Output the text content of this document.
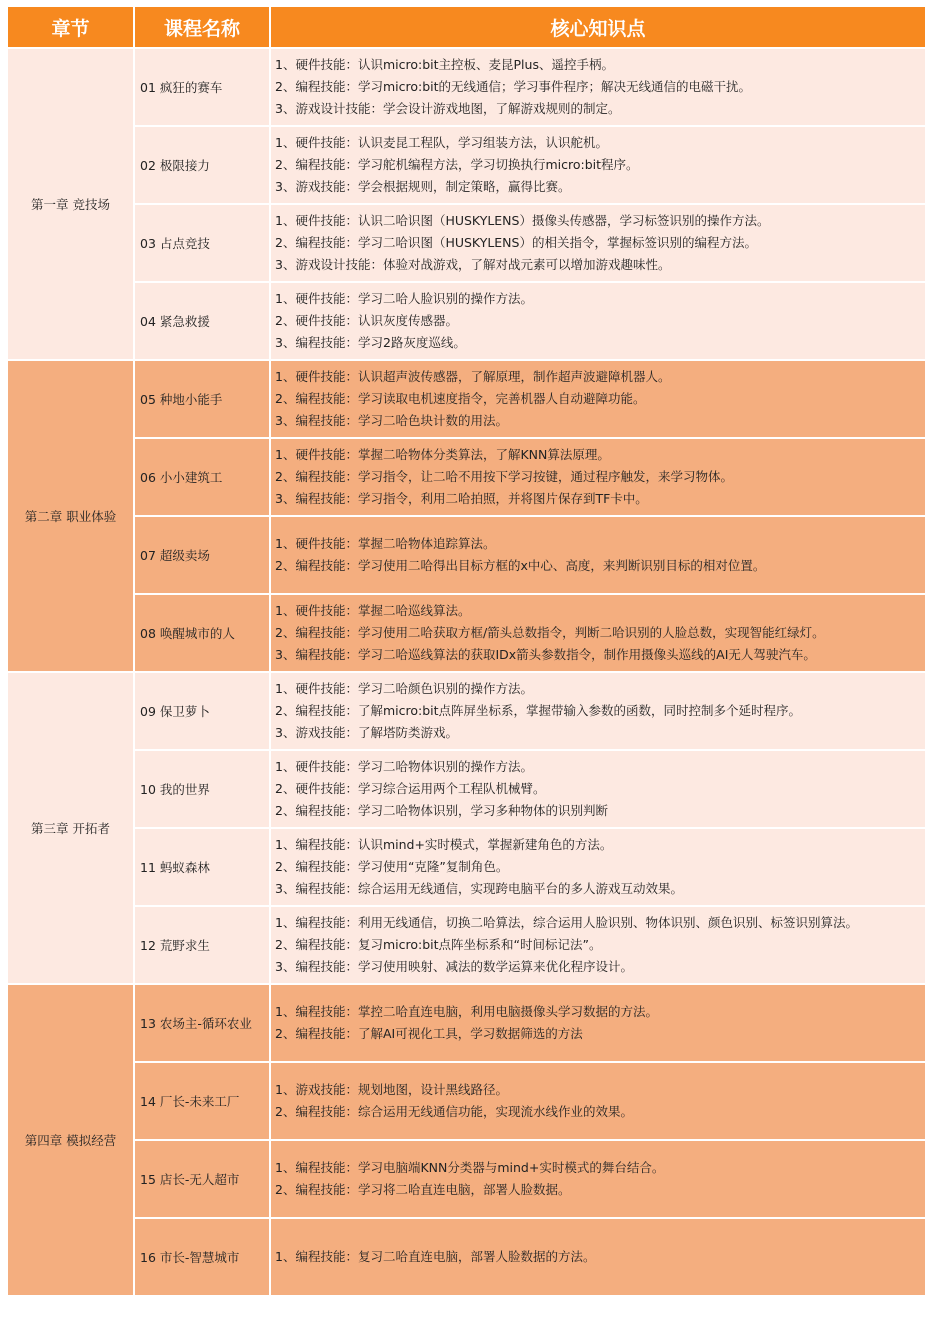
章节	课程名称	核心知识点
第一章 竞技场	01 疯狂的赛车	1、硬件技能：认识micro:bit主控板、麦昆Plus、遥控手柄。
2、编程技能：学习micro:bit的无线通信；学习事件程序；解决无线通信的电磁干扰。
3、游戏设计技能：学会设计游戏地图，了解游戏规则的制定。

	02 极限接力	1、硬件技能：认识麦昆工程队，学习组装方法，认识舵机。
2、编程技能：学习舵机编程方法，学习切换执行micro:bit程序。
3、游戏技能：学会根据规则，制定策略，赢得比赛。

	03 占点竞技	1、硬件技能：认识二哈识图（HUSKYLENS）摄像头传感器，学习标签识别的操作方法。
2、编程技能：学习二哈识图（HUSKYLENS）的相关指令，掌握标签识别的编程方法。
3、游戏设计技能：体验对战游戏，了解对战元素可以增加游戏趣味性。

	04 紧急救援	1、硬件技能：学习二哈人脸识别的操作方法。
2、硬件技能：认识灰度传感器。
3、编程技能：学习2路灰度巡线。

第二章 职业体验	05 种地小能手	1、硬件技能：认识超声波传感器，了解原理，制作超声波避障机器人。
2、编程技能：学习读取电机速度指令，完善机器人自动避障功能。
3、编程技能：学习二哈色块计数的用法。

	06 小小建筑工	1、硬件技能：掌握二哈物体分类算法，了解KNN算法原理。
2、编程技能：学习指令，让二哈不用按下学习按键，通过程序触发，来学习物体。
3、编程技能：学习指令，利用二哈拍照，并将图片保存到TF卡中。

	07 超级卖场	1、硬件技能：掌握二哈物体追踪算法。
2、编程技能：学习使用二哈得出目标方框的x中心、高度，来判断识别目标的相对位置。

	08 唤醒城市的人	1、硬件技能：掌握二哈巡线算法。
2、编程技能：学习使用二哈获取方框/箭头总数指令，判断二哈识别的人脸总数，实现智能红绿灯。
3、编程技能：学习二哈巡线算法的获取IDx箭头参数指令，制作用摄像头巡线的AI无人驾驶汽车。

第三章 开拓者	09 保卫萝卜	1、硬件技能：学习二哈颜色识别的操作方法。
2、编程技能：了解micro:bit点阵屏坐标系，掌握带输入参数的函数，同时控制多个延时程序。
3、游戏技能：了解塔防类游戏。

	10 我的世界	1、硬件技能：学习二哈物体识别的操作方法。
2、硬件技能：学习综合运用两个工程队机械臂。
2、编程技能：学习二哈物体识别，学习多种物体的识别判断

	11 蚂蚁森林	1、编程技能：认识mind+实时模式，掌握新建角色的方法。
2、编程技能：学习使用“克隆”复制角色。
3、编程技能：综合运用无线通信，实现跨电脑平台的多人游戏互动效果。

	12 荒野求生	1、编程技能：利用无线通信，切换二哈算法，综合运用人脸识别、物体识别、颜色识别、标签识别算法。
2、编程技能：复习micro:bit点阵坐标系和“时间标记法”。
3、编程技能：学习使用映射、减法的数学运算来优化程序设计。

第四章 模拟经营	13 农场主-循环农业	1、编程技能：掌控二哈直连电脑，利用电脑摄像头学习数据的方法。
2、编程技能：了解AI可视化工具，学习数据筛选的方法

	14 厂长-未来工厂	1、游戏技能：规划地图，设计黑线路径。
2、编程技能：综合运用无线通信功能，实现流水线作业的效果。

	15 店长-无人超市	1、编程技能：学习电脑端KNN分类器与mind+实时模式的舞台结合。
2、编程技能：学习将二哈直连电脑，部署人脸数据。

	16 市长-智慧城市	1、编程技能：复习二哈直连电脑，部署人脸数据的方法。
